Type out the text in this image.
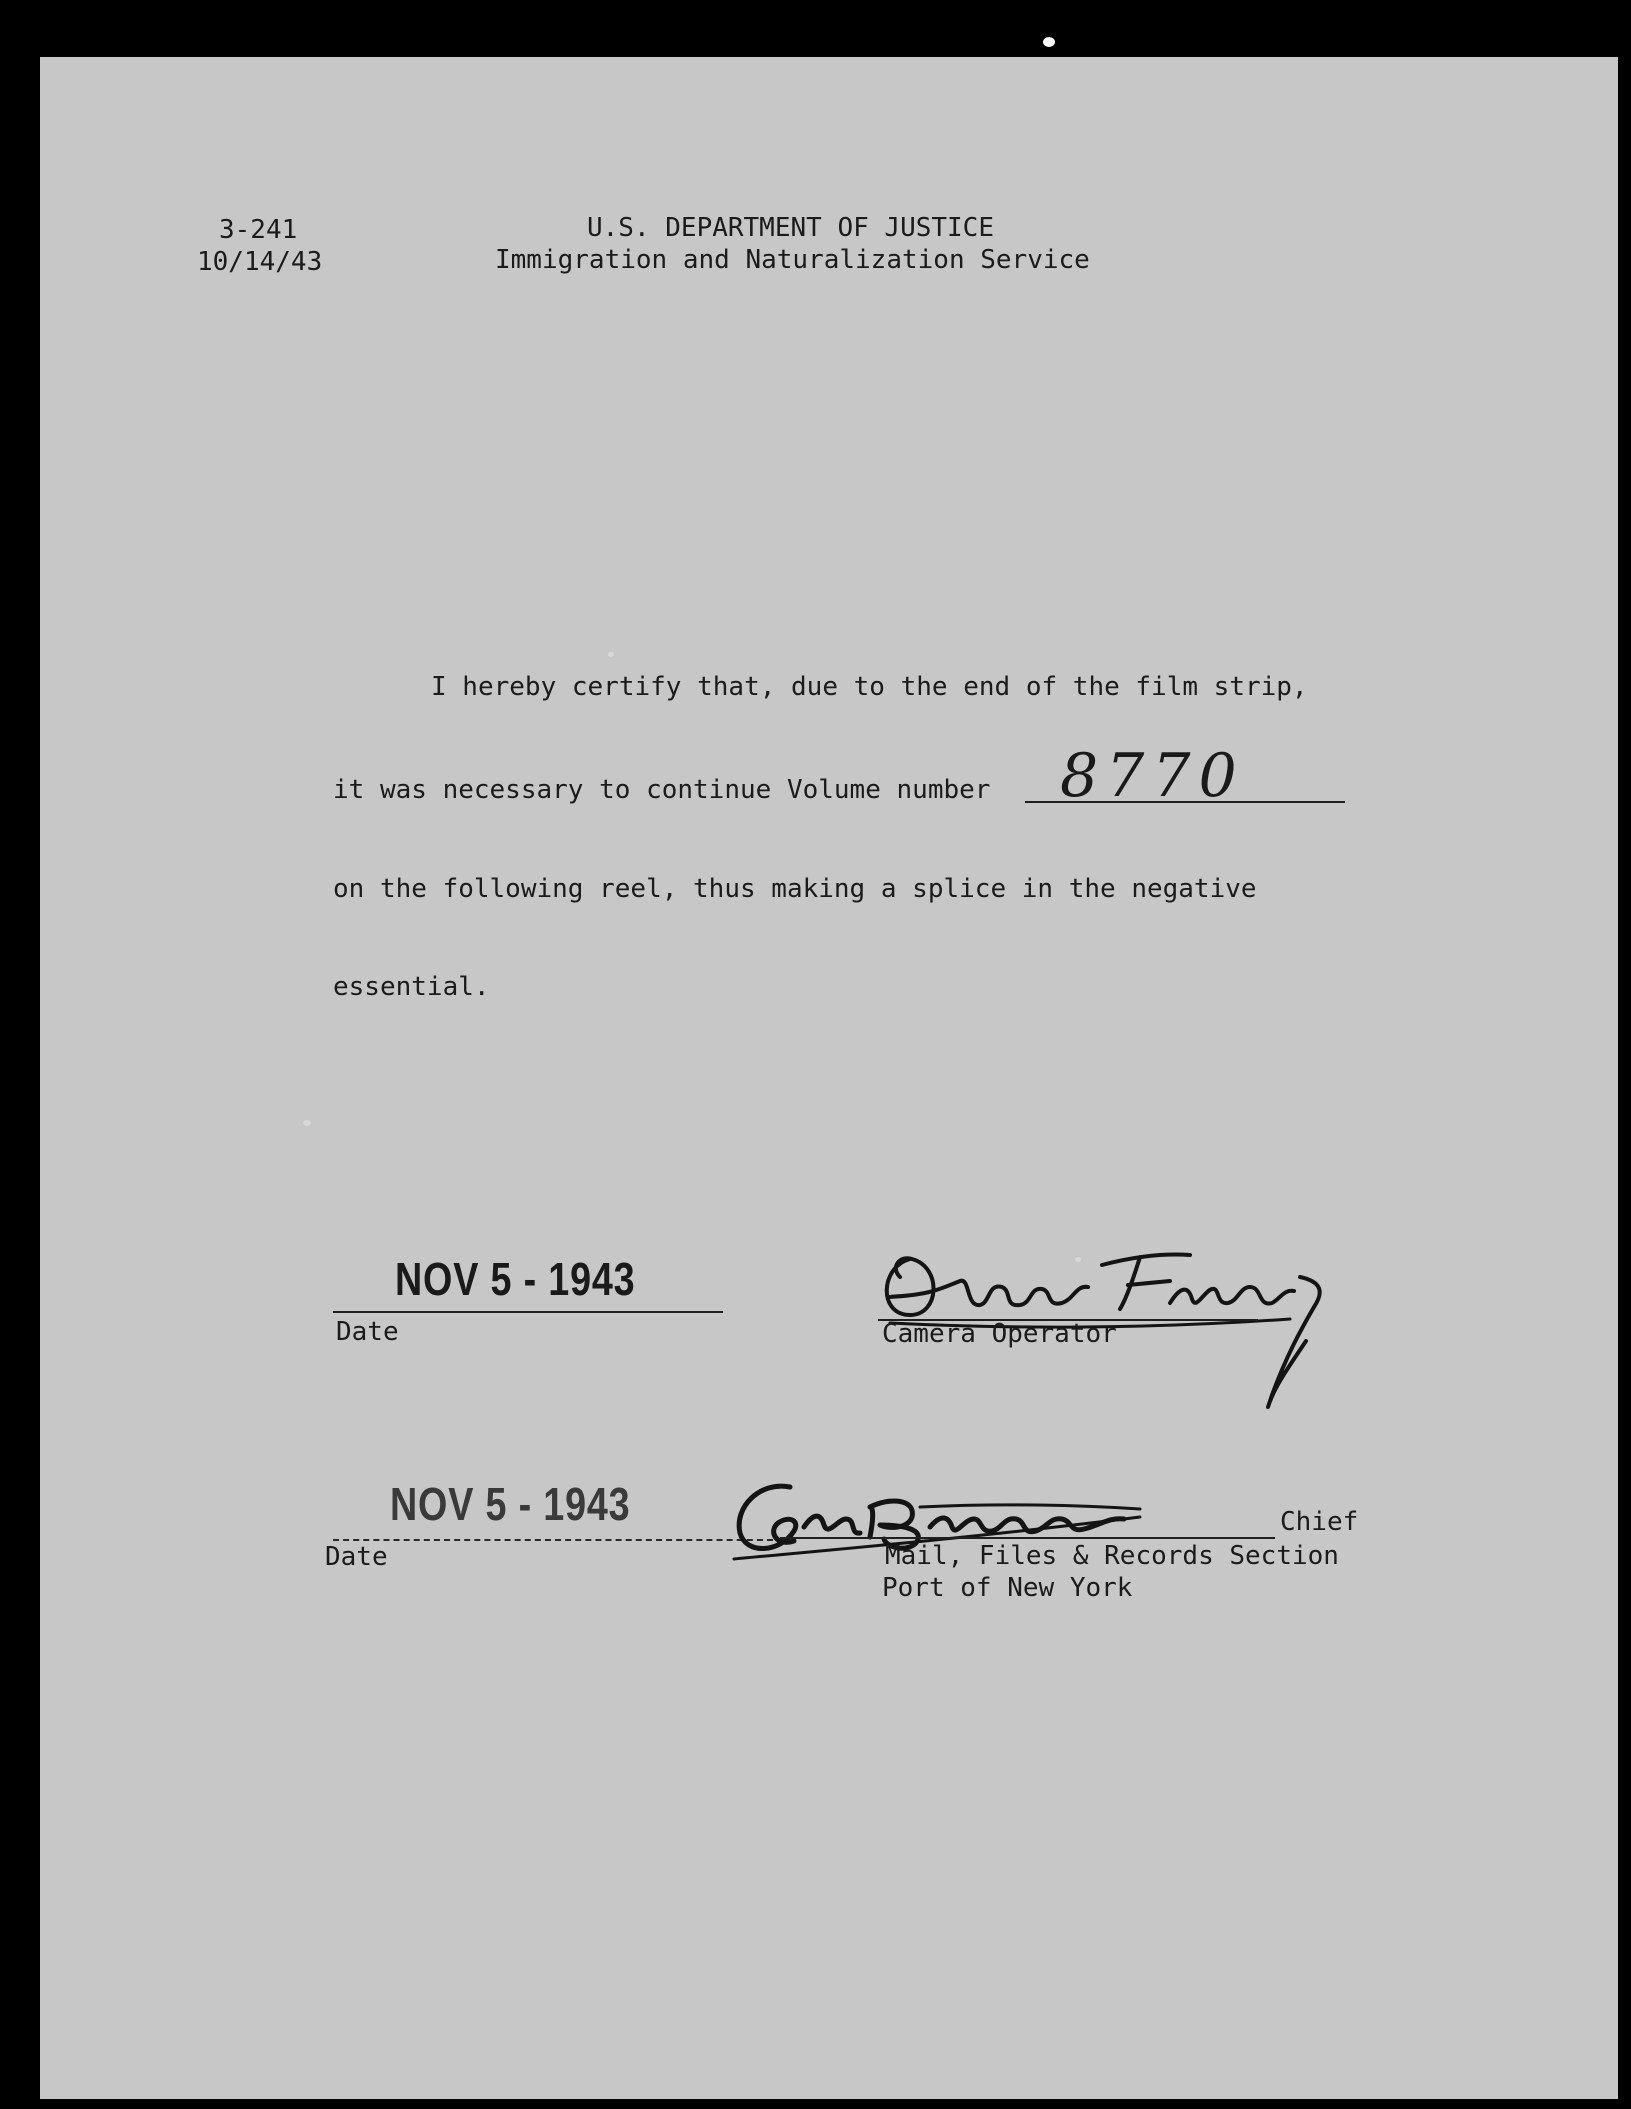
3-241
10/14/43
U.S. DEPARTMENT OF JUSTICE
Immigration and Naturalization Service
I hereby certify that, due to the end of the film strip,
it was necessary to continue Volume number 8770
on the following reel, thus making a splice in the negative
essential.
NOV 5 - 1943
Date	Camera Operator
NOV 5 - 1943
Date
Chief
Mail, Files & Records Section
Port of New York
